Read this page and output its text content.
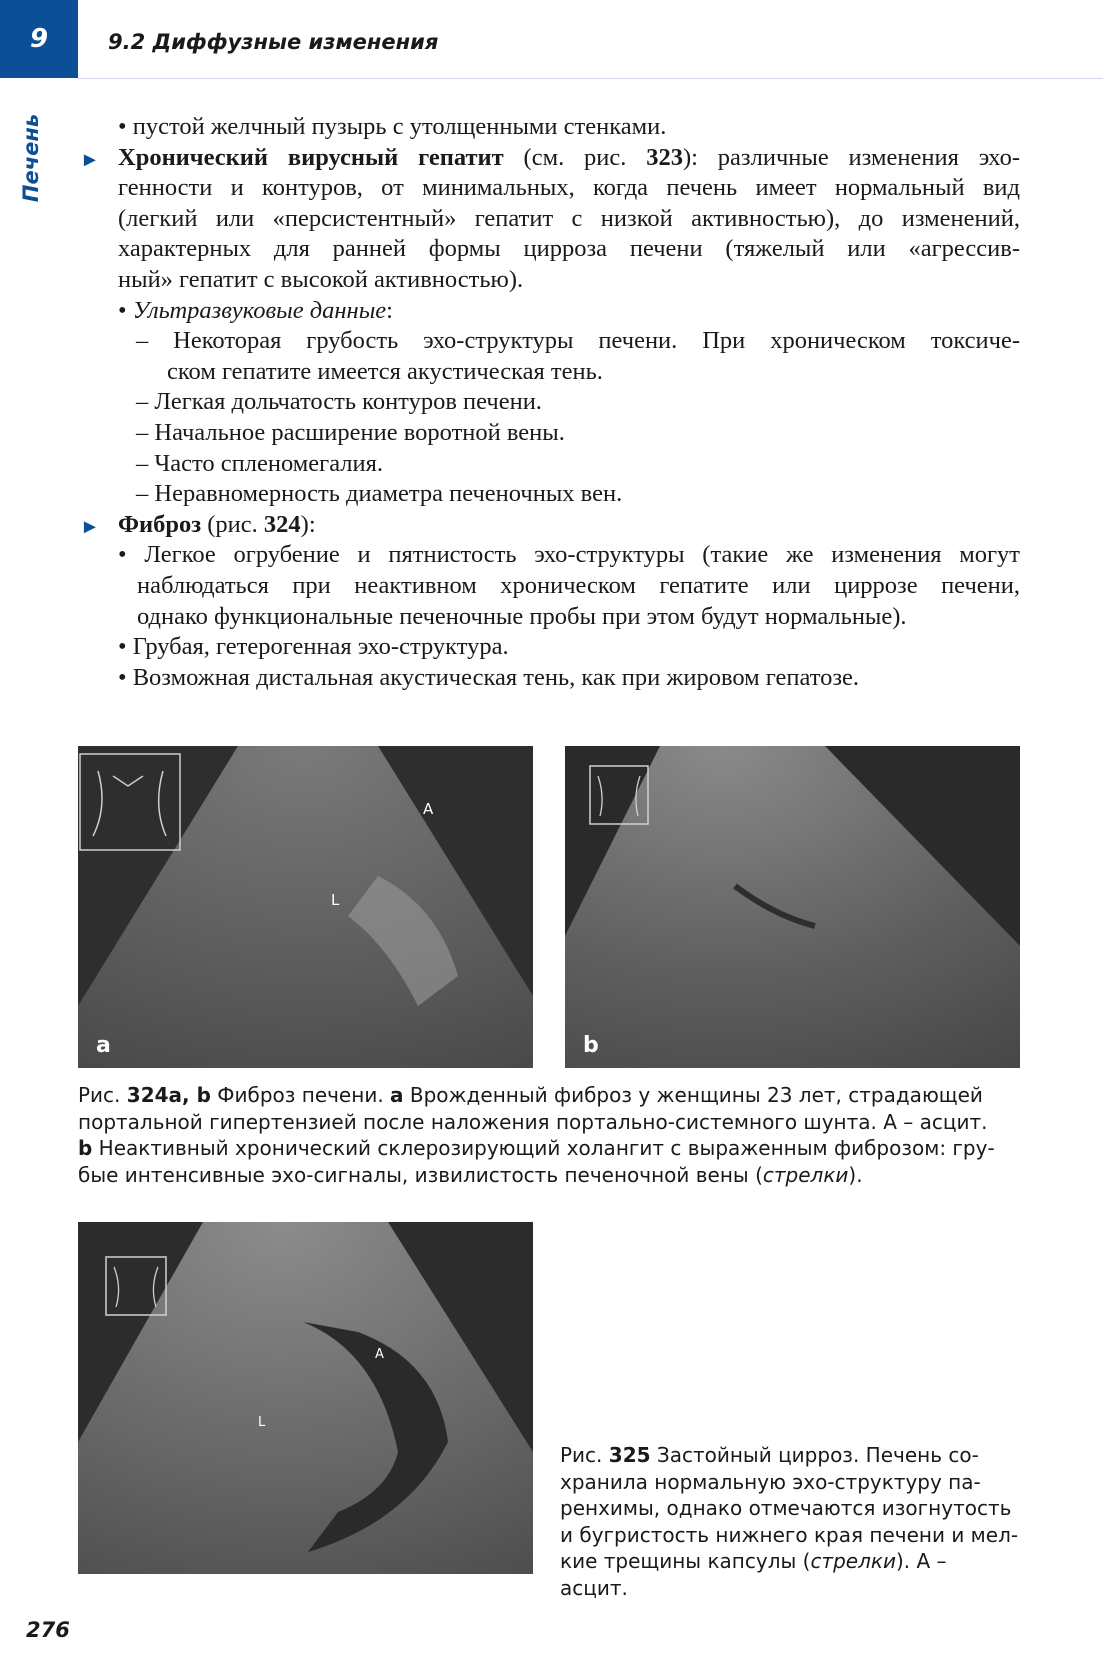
9	9.2 Диффузные изменения
Печень	• пустой желчный пузырь с утолщенными стенками.
► Хронический вирусный гепатит (см. рис. 323): различные изменения эхо-
генности и контуров, от минимальных, когда печень имеет нормальный вид
(легкий или «персистентный» гепатит с низкой активностью), до изменений,
характерных для ранней формы цирроза печени (тяжелый или «агрессив-
ный» гепатит с высокой активностью).
• Ультразвуковые данные:
– Некоторая грубость эхо-структуры печени. При хроническом токсиче-
ском гепатите имеется акустическая тень.
– Легкая дольчатость контуров печени.
– Начальное расширение воротной вены.
– Часто спленомегалия.
– Неравномерность диаметра печеночных вен.
► Фиброз (рис. 324):
• Легкое огрубение и пятнистость эхо-структуры (такие же изменения могут
наблюдаться при неактивном хроническом гепатите или циррозе печени,
однако функциональные печеночные пробы при этом будут нормальные).
• Грубая, гетерогенная эхо-структура.
• Возможная дистальная акустическая тень, как при жировом гепатозе.
A
L
a	b
Рис. 324a, b Фиброз печени. a Врожденный фиброз у женщины 23 лет, страдающей
портальной гипертензией после наложения портально-системного шунта. А – асцит.
b Неактивный хронический склерозирующий холангит с выраженным фиброзом: гру-
бые интенсивные эхо-сигналы, извилистость печеночной вены (стрелки).
A
L
Рис. 325 Застойный цирроз. Печень со-
хранила нормальную эхо-структуру па-
ренхимы, однако отмечаются изогнутость
и бугристость нижнего края печени и мел-
кие трещины капсулы (стрелки). А – асцит.
276
